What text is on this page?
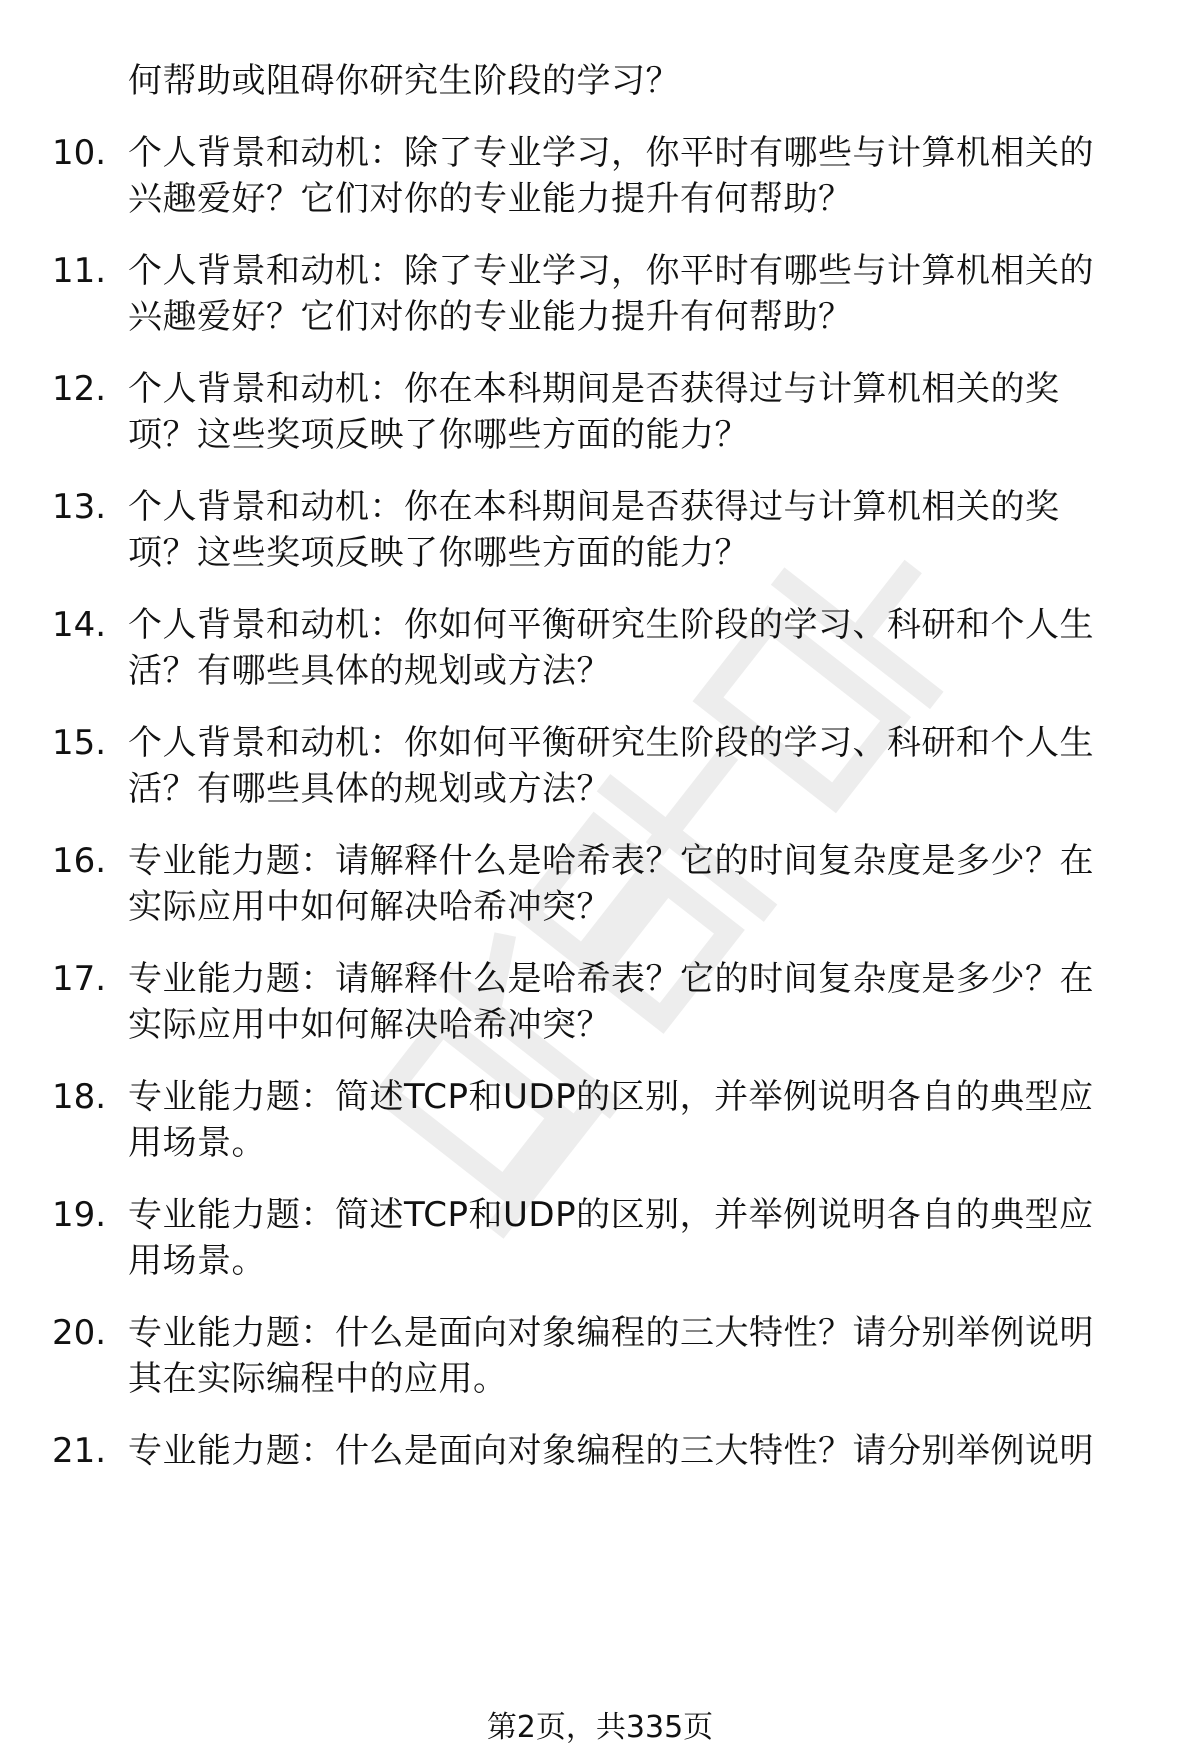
何帮助或阻碍你研究生阶段的学习？
10. 个人背景和动机：除了专业学习，你平时有哪些与计算机相关的
兴趣爱好？它们对你的专业能力提升有何帮助？
11. 个人背景和动机：除了专业学习，你平时有哪些与计算机相关的
兴趣爱好？它们对你的专业能力提升有何帮助？
12. 个人背景和动机：你在本科期间是否获得过与计算机相关的奖
项？这些奖项反映了你哪些方面的能力？
13. 个人背景和动机：你在本科期间是否获得过与计算机相关的奖
项？这些奖项反映了你哪些方面的能力？
14. 个人背景和动机：你如何平衡研究生阶段的学习、科研和个人生
活？有哪些具体的规划或方法？
15. 个人背景和动机：你如何平衡研究生阶段的学习、科研和个人生
活？有哪些具体的规划或方法？
16. 专业能力题：请解释什么是哈希表？它的时间复杂度是多少？在
实际应用中如何解决哈希冲突？
17. 专业能力题：请解释什么是哈希表？它的时间复杂度是多少？在
实际应用中如何解决哈希冲突？
18. 专业能力题：简述TCP和UDP的区别，并举例说明各自的典型应
用场景。
19. 专业能力题：简述TCP和UDP的区别，并举例说明各自的典型应
用场景。
20. 专业能力题：什么是面向对象编程的三大特性？请分别举例说明
其在实际编程中的应用。
21. 专业能力题：什么是面向对象编程的三大特性？请分别举例说明
第2页，共335页
